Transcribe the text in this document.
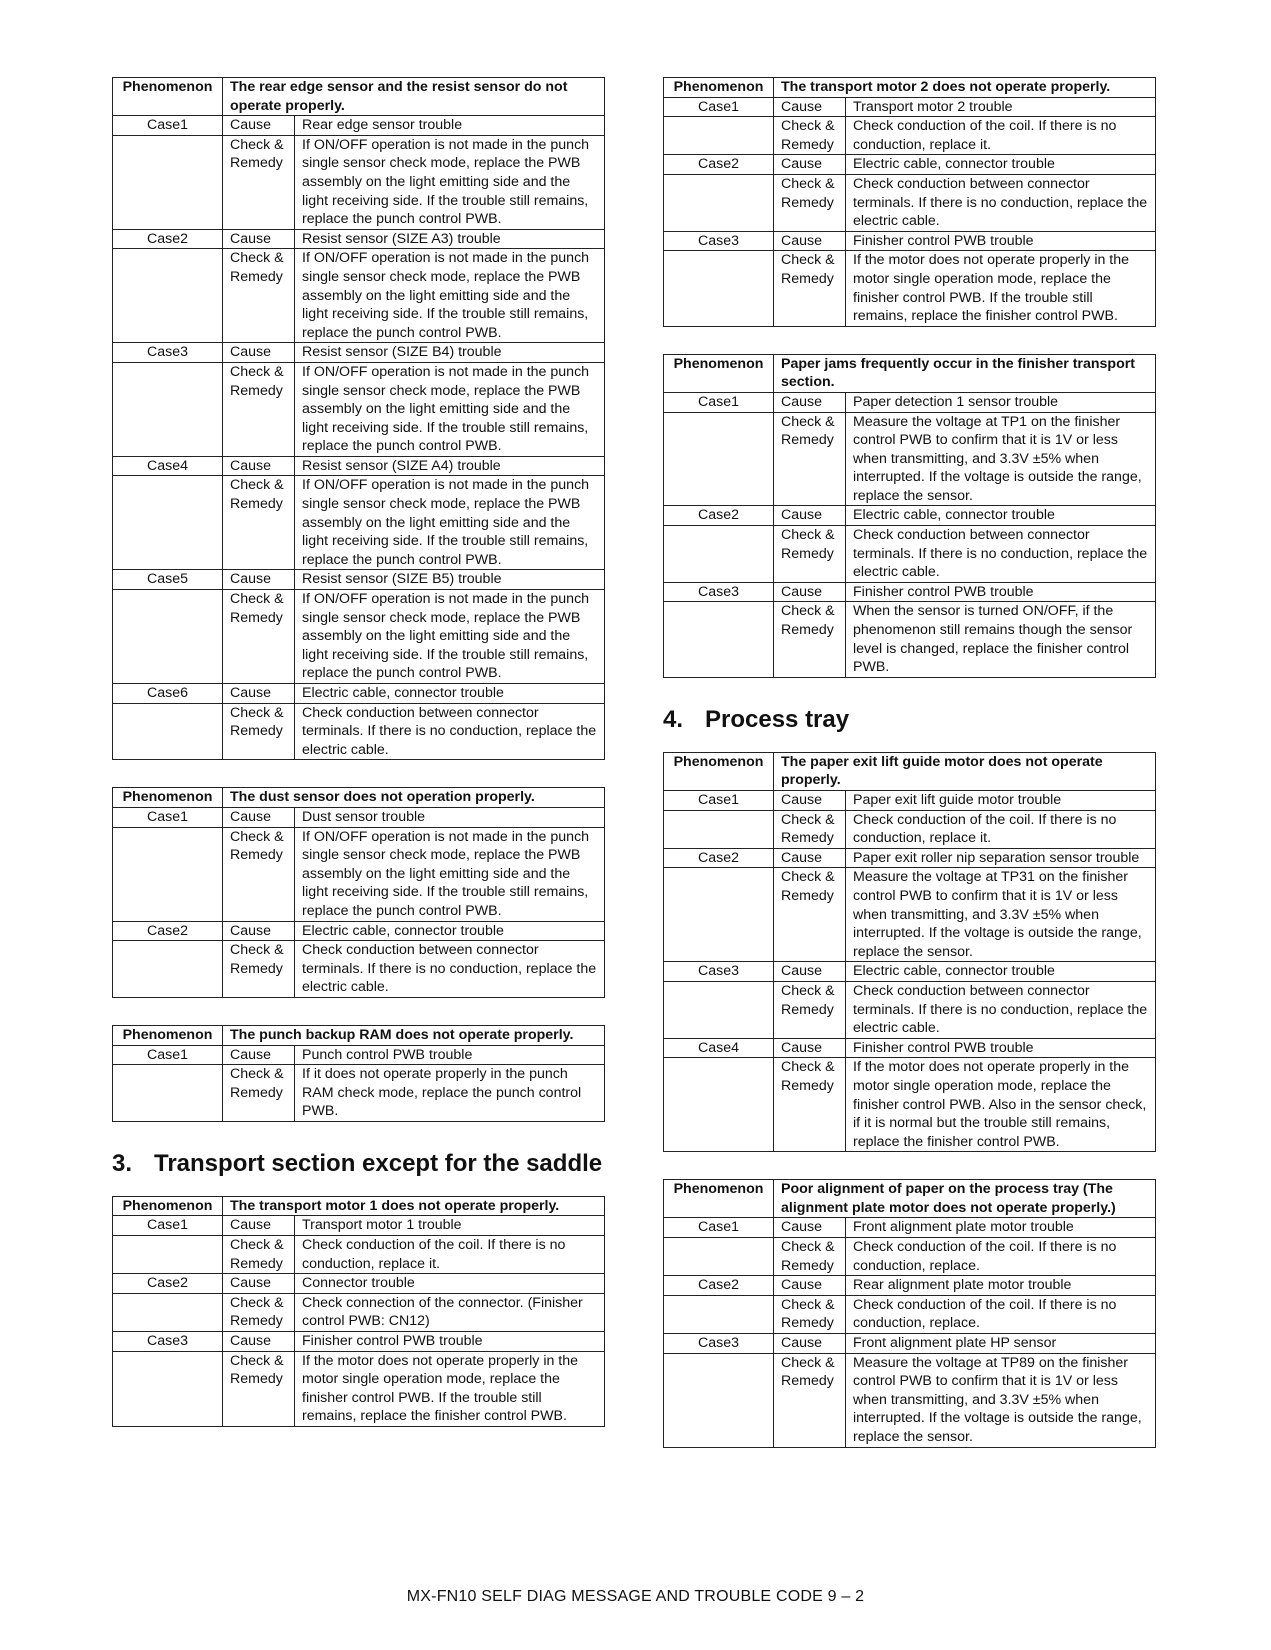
Phenomenon	The rear edge sensor and the resist sensor do not operate properly.	
Case1	Cause	Rear edge sensor trouble
	Check & Remedy	If ON/OFF operation is not made in the punch single sensor check mode, replace the PWB assembly on the light emitting side and the light receiving side. If the trouble still remains, replace the punch control PWB.
Case2	Cause	Resist sensor (SIZE A3) trouble
	Check & Remedy	If ON/OFF operation is not made in the punch single sensor check mode, replace the PWB assembly on the light emitting side and the light receiving side. If the trouble still remains, replace the punch control PWB.
Case3	Cause	Resist sensor (SIZE B4) trouble
	Check & Remedy	If ON/OFF operation is not made in the punch single sensor check mode, replace the PWB assembly on the light emitting side and the light receiving side. If the trouble still remains, replace the punch control PWB.
Case4	Cause	Resist sensor (SIZE A4) trouble
	Check & Remedy	If ON/OFF operation is not made in the punch single sensor check mode, replace the PWB assembly on the light emitting side and the light receiving side. If the trouble still remains, replace the punch control PWB.
Case5	Cause	Resist sensor (SIZE B5) trouble
	Check & Remedy	If ON/OFF operation is not made in the punch single sensor check mode, replace the PWB assembly on the light emitting side and the light receiving side. If the trouble still remains, replace the punch control PWB.
Case6	Cause	Electric cable, connector trouble
	Check & Remedy	Check conduction between connector terminals. If there is no conduction, replace the electric cable.
Phenomenon	The dust sensor does not operation properly.	
Case1	Cause	Dust sensor trouble
	Check & Remedy	If ON/OFF operation is not made in the punch single sensor check mode, replace the PWB assembly on the light emitting side and the light receiving side. If the trouble still remains, replace the punch control PWB.
Case2	Cause	Electric cable, connector trouble
	Check & Remedy	Check conduction between connector terminals. If there is no conduction, replace the electric cable.
Phenomenon	The punch backup RAM does not operate properly.	
Case1	Cause	Punch control PWB trouble
	Check & Remedy	If it does not operate properly in the punch RAM check mode, replace the punch control PWB.
3. Transport section except for the saddle
Phenomenon	The transport motor 1 does not operate properly.	
Case1	Cause	Transport motor 1 trouble
	Check & Remedy	Check conduction of the coil. If there is no conduction, replace it.
Case2	Cause	Connector trouble
	Check & Remedy	Check connection of the connector. (Finisher control PWB: CN12)
Case3	Cause	Finisher control PWB trouble
	Check & Remedy	If the motor does not operate properly in the motor single operation mode, replace the finisher control PWB. If the trouble still remains, replace the finisher control PWB.
Phenomenon	The transport motor 2 does not operate properly.	
Case1	Cause	Transport motor 2 trouble
	Check & Remedy	Check conduction of the coil. If there is no conduction, replace it.
Case2	Cause	Electric cable, connector trouble
	Check & Remedy	Check conduction between connector terminals. If there is no conduction, replace the electric cable.
Case3	Cause	Finisher control PWB trouble
	Check & Remedy	If the motor does not operate properly in the motor single operation mode, replace the finisher control PWB. If the trouble still remains, replace the finisher control PWB.
Phenomenon	Paper jams frequently occur in the finisher transport section.	
Case1	Cause	Paper detection 1 sensor trouble
	Check & Remedy	Measure the voltage at TP1 on the finisher control PWB to confirm that it is 1V or less when transmitting, and 3.3V ±5% when interrupted. If the voltage is outside the range, replace the sensor.
Case2	Cause	Electric cable, connector trouble
	Check & Remedy	Check conduction between connector terminals. If there is no conduction, replace the electric cable.
Case3	Cause	Finisher control PWB trouble
	Check & Remedy	When the sensor is turned ON/OFF, if the phenomenon still remains though the sensor level is changed, replace the finisher control PWB.
4. Process tray
Phenomenon	The paper exit lift guide motor does not operate properly.	
Case1	Cause	Paper exit lift guide motor trouble
	Check & Remedy	Check conduction of the coil. If there is no conduction, replace it.
Case2	Cause	Paper exit roller nip separation sensor trouble
	Check & Remedy	Measure the voltage at TP31 on the finisher control PWB to confirm that it is 1V or less when transmitting, and 3.3V ±5% when interrupted. If the voltage is outside the range, replace the sensor.
Case3	Cause	Electric cable, connector trouble
	Check & Remedy	Check conduction between connector terminals. If there is no conduction, replace the electric cable.
Case4	Cause	Finisher control PWB trouble
	Check & Remedy	If the motor does not operate properly in the motor single operation mode, replace the finisher control PWB. Also in the sensor check, if it is normal but the trouble still remains, replace the finisher control PWB.
Phenomenon	Poor alignment of paper on the process tray (The alignment plate motor does not operate properly.)	
Case1	Cause	Front alignment plate motor trouble
	Check & Remedy	Check conduction of the coil. If there is no conduction, replace.
Case2	Cause	Rear alignment plate motor trouble
	Check & Remedy	Check conduction of the coil. If there is no conduction, replace.
Case3	Cause	Front alignment plate HP sensor
	Check & Remedy	Measure the voltage at TP89 on the finisher control PWB to confirm that it is 1V or less when transmitting, and 3.3V ±5% when interrupted. If the voltage is outside the range, replace the sensor.
MX-FN10 SELF DIAG MESSAGE AND TROUBLE CODE 9 – 2
